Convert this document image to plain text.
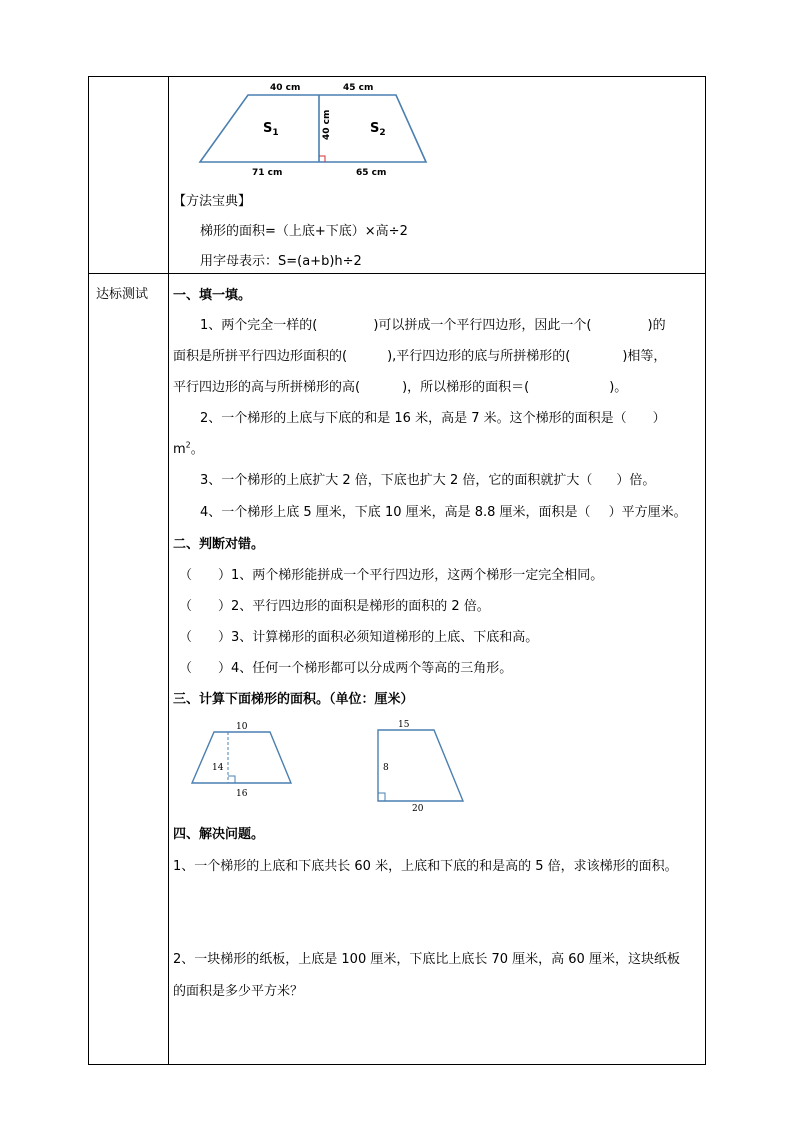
40 cm	45 cm
40 cm
71 cm	65 cm
$S_1$	$S_2$
【方法宝典】
梯形的面积=（上底+下底）×高÷2
用字母表示：S=(a+b)h÷2
达标测试 一、填一填。
1、两个完全一样的(	)可以拼成一个平行四边形，因此一个(	)的
面积是所拼平行四边形面积的(	),平行四边形的底与所拼梯形的(	)相等，
平行四边形的高与所拼梯形的高(	)，所以梯形的面积＝(	)。
2、一个梯形的上底与下底的和是 16 米，高是 7 米。这个梯形的面积是（ ）
$m^2$。
3、一个梯形的上底扩大 2 倍，下底也扩大 2 倍，它的面积就扩大（ ）倍。
4、一个梯形上底 5 厘米，下底 10 厘米，高是 8.8 厘米，面积是（ ）平方厘米。
二、判断对错。
（　　）1、两个梯形能拼成一个平行四边形，这两个梯形一定完全相同。
（　　）2、平行四边形的面积是梯形的面积的 2 倍。
（　　）3、计算梯形的面积必须知道梯形的上底、下底和高。
（　　）4、任何一个梯形都可以分成两个等高的三角形。
三、计算下面梯形的面积。（单位：厘米）
10
14
16
15
8
20
四、解决问题。
1、一个梯形的上底和下底共长 60 米，上底和下底的和是高的 5 倍，求该梯形的面积。
2、一块梯形的纸板，上底是 100 厘米，下底比上底长 70 厘米，高 60 厘米，这块纸板
的面积是多少平方米？
